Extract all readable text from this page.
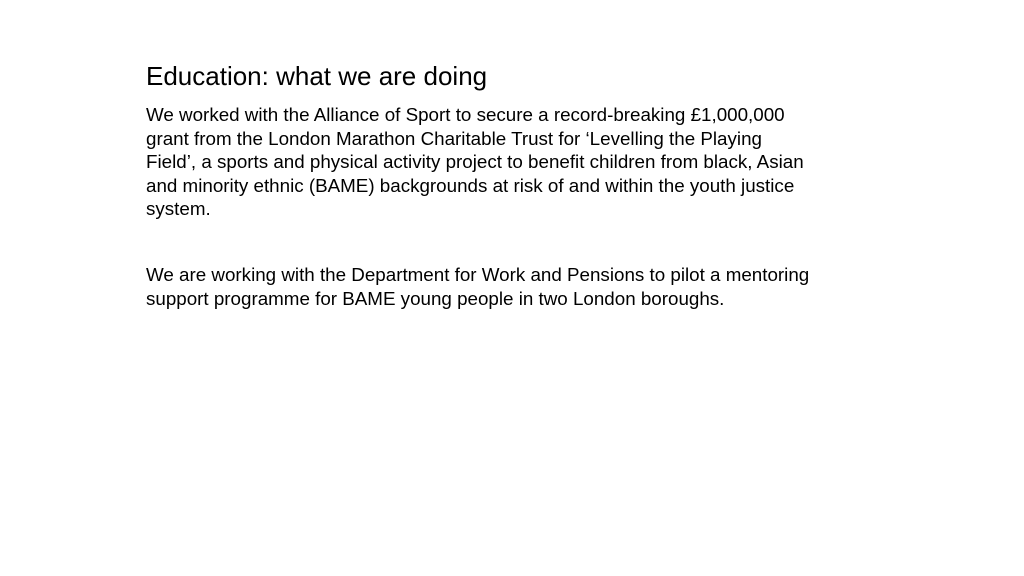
Education: what we are doing

We worked with the Alliance of Sport to secure a record-breaking £1,000,000
grant from the London Marathon Charitable Trust for ‘Levelling the Playing
Field’, a sports and physical activity project to benefit children from black, Asian
and minority ethnic (BAME) backgrounds at risk of and within the youth justice
system.

We are working with the Department for Work and Pensions to pilot a mentoring
support programme for BAME young people in two London boroughs.
